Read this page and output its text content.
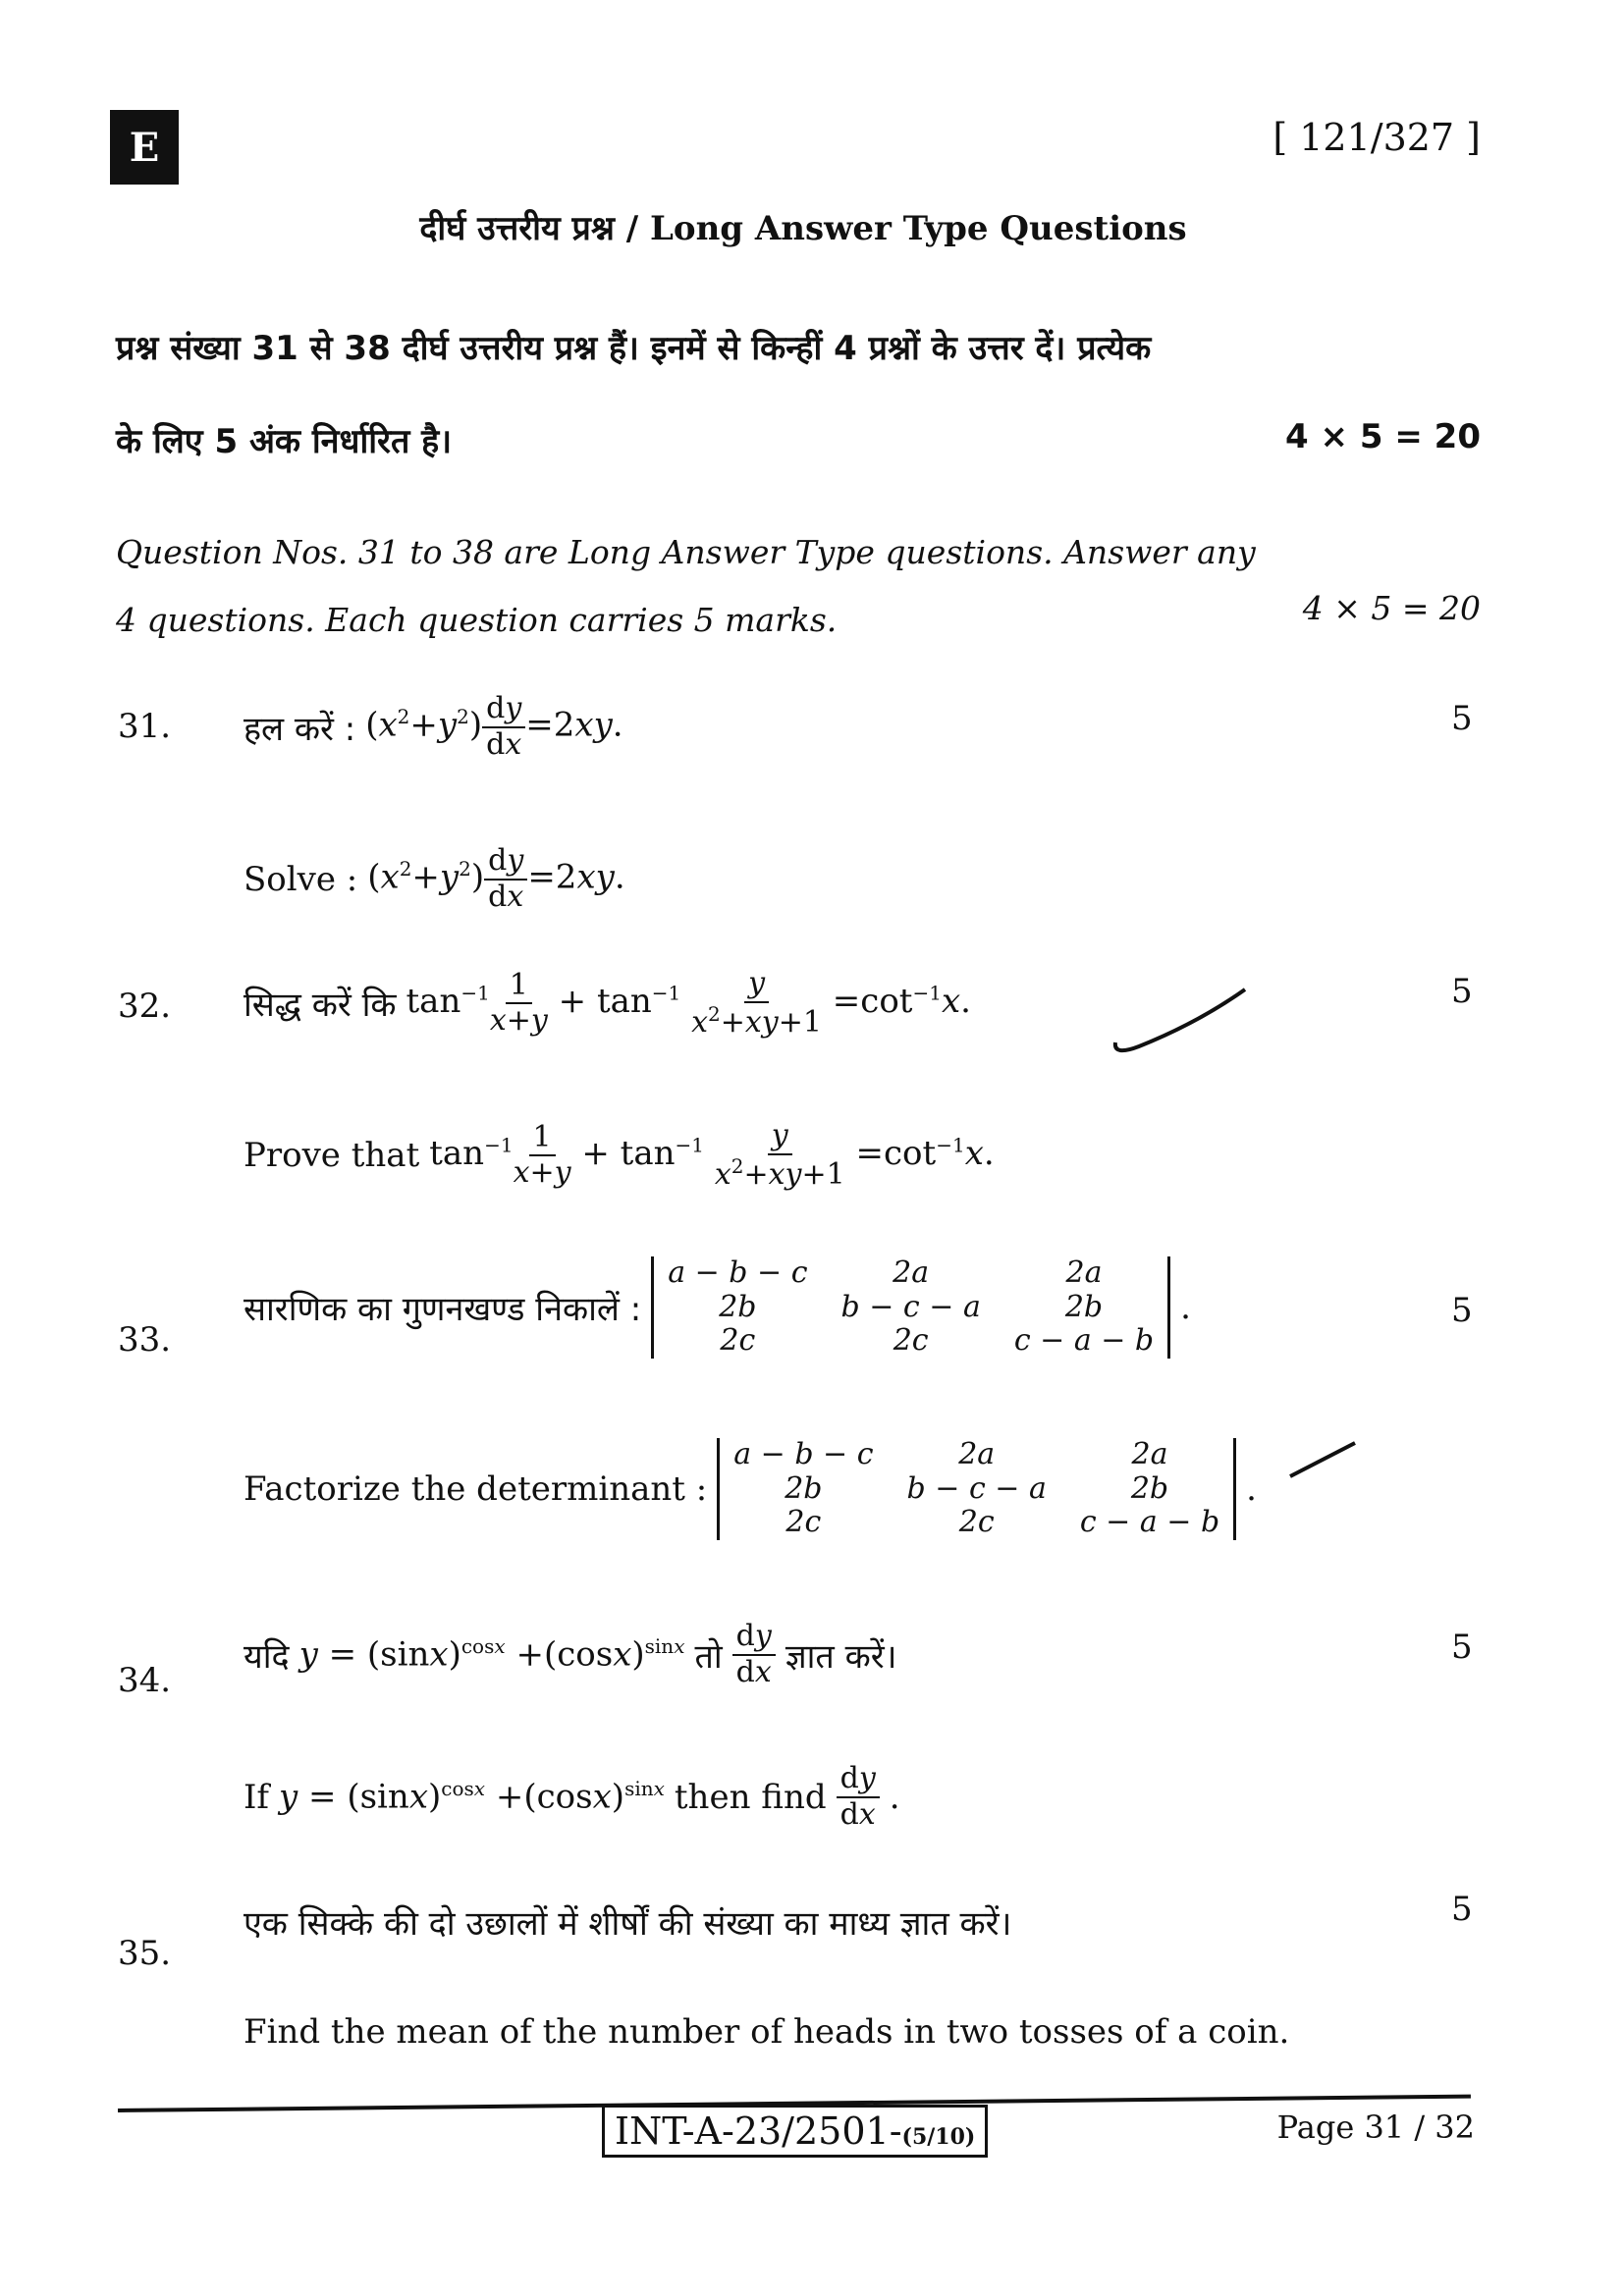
E	[ 121/327 ]
दीर्घ उत्तरीय प्रश्न / Long Answer Type Questions
प्रश्न संख्या 31 से 38 दीर्घ उत्तरीय प्रश्न हैं। इनमें से किन्हीं 4 प्रश्नों के उत्तर दें। प्रत्येक
के लिए 5 अंक निर्धारित है।	4 × 5 = 20
Question Nos. 31 to 38 are Long Answer Type questions. Answer any
4 questions. Each question carries 5 marks.	4 × 5 = 20
31.	5
हल करें : $(x^2+y^2) \frac{dy}{dx} =2xy$.
Solve : $(x^2+y^2) \frac{dy}{dx} =2xy$.
32.	5
सिद्ध करें कि $\tan^{-1} \frac{1}{x+y} + \tan^{-1} \frac{y}{x^2+xy+1} =\cot^{-1}x$.
Prove that $\tan^{-1} \frac{1}{x+y} + \tan^{-1} \frac{y}{x^2+xy+1} =\cot^{-1}x$.
33.
5
सारणिक का गुणनखण्ड निकालें :
a − b − c	2a	2a
2b	b − c − a	2b
2c	2c	c − a − b
.
Factorize the determinant :
a − b − c	2a	2a
2b	b − c − a	2b
2c	2c	c − a − b
.
34.
5
यदि $y = (\sin x)^{cosx} +(\cos x)^{sinx}$ तो $\frac{dy}{dx}$ ज्ञात करें।
If $y = (\sin x)^{cosx} +(\cos x)^{sinx}$ then find $\frac{dy}{dx}$ .
35.
5
एक सिक्के की दो उछालों में शीर्षों की संख्या का माध्य ज्ञात करें।
Find the mean of the number of heads in two tosses of a coin.
INT-A-23/2501-(5/10)	Page 31 / 32
